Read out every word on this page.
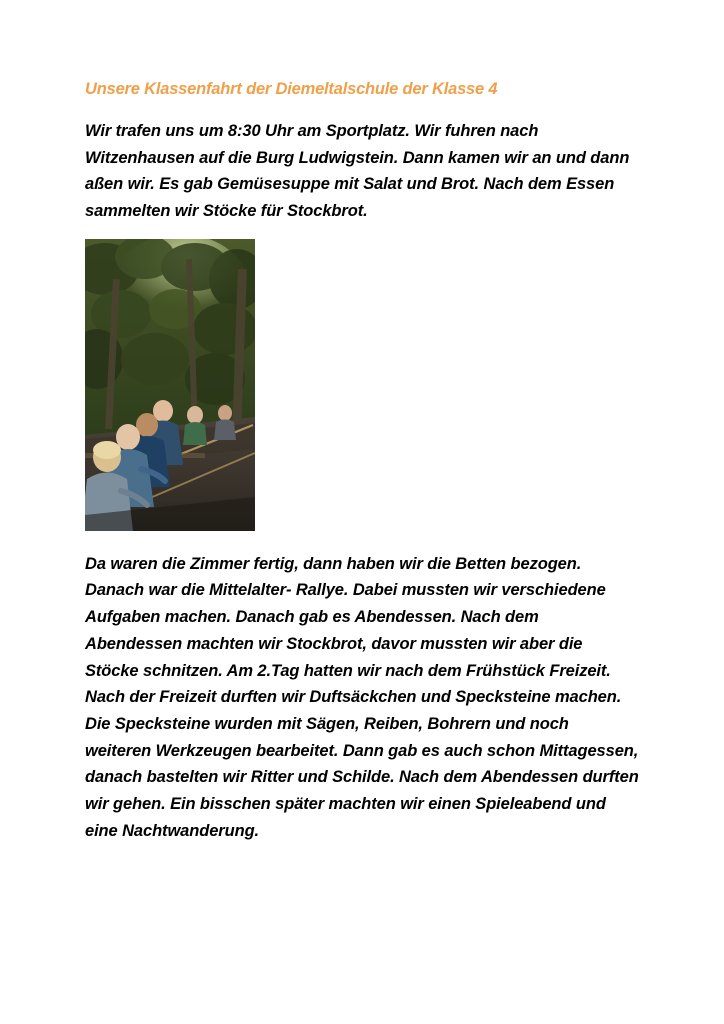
Unsere Klassenfahrt der Diemeltalschule der Klasse 4

Wir trafen uns um 8:30 Uhr am Sportplatz. Wir fuhren nach Witzenhausen auf die Burg Ludwigstein. Dann kamen wir an und dann aßen wir. Es gab Gemüsesuppe mit Salat und Brot. Nach dem Essen sammelten wir Stöcke für Stockbrot.

Da waren die Zimmer fertig, dann haben wir die Betten bezogen. Danach war die Mittelalter- Rallye. Dabei mussten wir verschiedene Aufgaben machen. Danach gab es Abendessen. Nach dem Abendessen machten wir Stockbrot, davor mussten wir aber die Stöcke schnitzen. Am 2.Tag hatten wir nach dem Frühstück Freizeit. Nach der Freizeit durften wir Duftsäckchen und Specksteine machen. Die Specksteine wurden mit Sägen, Reiben, Bohrern und noch weiteren Werkzeugen bearbeitet. Dann gab es auch schon Mittagessen, danach bastelten wir Ritter und Schilde. Nach dem Abendessen durften wir gehen. Ein bisschen später machten wir einen Spieleabend und eine Nachtwanderung.
